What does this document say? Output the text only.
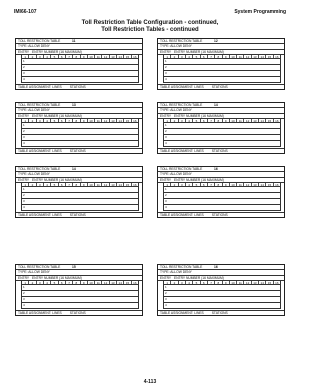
IMI66-107	System Programming
Toll Restriction Table Configuration - continued,
Toll Restriction Tables - continued
TOLL RESTRICTION TABLE	11
TYPE: ALLOW DENY
ENTRY ENTRY NUMBER (16 MAXIMUM)
1	2	3	4	5	6	7	8	9	10	11	12	13	14	15	16
1
2
3
4
TABLE ASSIGNMENT: LINES STATIONS
TOLL RESTRICTION TABLE	12
TYPE: ALLOW DENY
ENTRY ENTRY NUMBER (16 MAXIMUM)
1	2	3	4	5	6	7	8	9	10	11	12	13	14	15	16
1
2
3
4
TABLE ASSIGNMENT: LINES STATIONS
TOLL RESTRICTION TABLE	13
TYPE: ALLOW DENY
ENTRY ENTRY NUMBER (16 MAXIMUM)
1	2	3	4	5	6	7	8	9	10	11	12	13	14	15	16
1
2
3
4
TABLE ASSIGNMENT: LINES STATIONS
TOLL RESTRICTION TABLE	14
TYPE: ALLOW DENY
ENTRY ENTRY NUMBER (16 MAXIMUM)
1	2	3	4	5	6	7	8	9	10	11	12	13	14	15	16
1
2
3
4
TABLE ASSIGNMENT: LINES STATIONS
TOLL RESTRICTION TABLE	14
TYPE: ALLOW DENY
ENTRY ENTRY NUMBER (16 MAXIMUM)
1	2	3	4	5	6	7	8	9	10	11	12	13	14	15	16
1
2
3
4
TABLE ASSIGNMENT: LINES STATIONS
TOLL RESTRICTION TABLE	16
TYPE: ALLOW DENY
ENTRY ENTRY NUMBER (16 MAXIMUM)
1	2	3	4	5	6	7	8	9	10	11	12	13	14	15	16
1
2
3
4
TABLE ASSIGNMENT: LINES STATIONS
TOLL RESTRICTION TABLE	15
TYPE: ALLOW DENY
ENTRY ENTRY NUMBER (16 MAXIMUM)
1	2	3	4	5	6	7	8	9	10	11	12	13	14	15	16
1
2
3
4
TABLE ASSIGNMENT: LINES STATIONS
TOLL RESTRICTION TABLE	16
TYPE: ALLOW DENY
ENTRY ENTRY NUMBER (16 MAXIMUM)
1	2	3	4	5	6	7	8	9	10	11	12	13	14	15	16
1
2
3
4
TABLE ASSIGNMENT: LINES STATIONS
4-113
